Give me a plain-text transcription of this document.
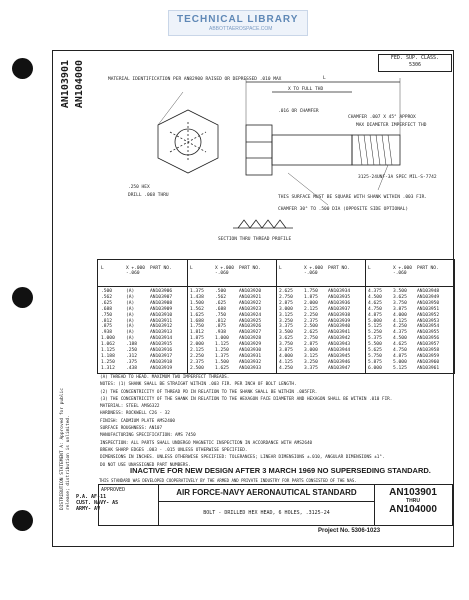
TECHNICAL LIBRARY
ABBOTTAEROSPACE.COM
AN103901 AN104000
DISTRIBUTION STATEMENT A: Approved for public release; distribution is unlimited. P.A. AF-11
CUST. NAVY- AS
ARMY- AV
FED. SUP. CLASS.
5306
MATERIAL IDENTIFICATION PER AN82900 RAISED OR DEPRESSED .010 MAX
X TO FULL THD
L
.016 OR CHAMFER
CHAMFER .007 X 45° APPROX
MAX DIAMETER IMPERFECT THD
.250 HEX
DRILL .068 THRU
3125-24UNF-3A SPEC MIL-S-7742
THIS SURFACE MUST BE SQUARE WITH SHANK WITHIN .003 FIR.
CHAMFER 30° TO .500 DIA (OPPOSITE SIDE OPTIONAL)
SECTION THRU THREAD PROFILE
L	X +.000 -.060
PART NO.	L	X +.000 -.060
PART NO.	L	X +.000 -.060
PART NO.	L	X +.000 -.060
PART NO.
.500	(A)	AN103906	1.375 .500	AN103920	2.625 1.750 AN103934	4.375 3.500 AN103948
.562	(A)	AN103907	1.438 .562	AN103921	2.750 1.875 AN103935	4.500 3.625 AN103949
.625	(A)	AN103908	1.500 .625	AN103922	2.875 2.000 AN103936	4.625 3.750 AN103950
.688	(A)	AN103909	1.562 .688	AN103923	3.000 2.125 AN103937	4.750 3.875 AN103951
.750	(A)	AN103910	1.625 .750	AN103924	3.125 2.250 AN103938	4.875 4.000 AN103952
.812	(A)	AN103911	1.688 .812	AN103925	3.250 2.375 AN103939	5.000 4.125 AN103953
.875	(A)	AN103912	1.750 .875	AN103926	3.375 2.500 AN103940	5.125 4.250 AN103954
.938	(A)	AN103913	1.812 .938	AN103927	3.500 2.625 AN103941	5.250 4.375 AN103955
1.000 (A)	AN103914	1.875 1.000 AN103928	3.625 2.750 AN103942	5.375 4.500 AN103956
1.062 .188	AN103915	2.000 1.125 AN103929	3.750 2.875 AN103943	5.500 4.625 AN103957
1.125 .250	AN103916	2.125 1.250 AN103930	3.875 3.000 AN103944	5.625 4.750 AN103958
1.188 .312	AN103917	2.250 1.375 AN103931	4.000 3.125 AN103945	5.750 4.875 AN103959
1.250 .375	AN103918	2.375 1.500 AN103932	4.125 3.250 AN103946	5.875 5.000 AN103960
1.312 .438	AN103919	2.500 1.625 AN103933	4.250 3.375 AN103947	6.000 5.125 AN103961
(A) THREAD TO HEAD. MAXIMUM TWO IMPERFECT THREADS.
NOTES: (1) SHANK SHALL BE STRAIGHT WITHIN .003 FIR. PER INCH OF BOLT LENGTH.
(2) THE CONCENTRICITY OF THREAD PD IN RELATION TO THE SHANK SHALL BE WITHIN .005FIR.
(3) THE CONCENTRICITY OF THE SHANK IN RELATION TO THE HEXAGON FACE DIAMETER AND HEXAGON SHALL BE WITHIN .010 FIR.
MATERIAL: STEEL AMS6322
HARDNESS: ROCKWELL C26 - 32
FINISH: CADMIUM PLATE AMS2400
SURFACE ROUGHNESS: AN107
MANUFACTURING SPECIFICATION: AMS 7450
INSPECTION: ALL PARTS SHALL UNDERGO MAGNETIC INSPECTION IN ACCORDANCE WITH AMS2640
BREAK SHARP EDGES .003 - .015 UNLESS OTHERWISE SPECIFIED.
DIMENSIONS IN INCHES. UNLESS OTHERWISE SPECIFIED: TOLERANCES; LINEAR DIMENSIONS ±.010, ANGULAR DIMENSIONS ±1°.
DO NOT USE UNASSIGNED PART NUMBERS.
INACTIVE FOR NEW DESIGN AFTER 3 MARCH 1969 NO SUPERSEDING STANDARD.
APPROVED	AIR FORCE-NAVY AERONAUTICAL STANDARD
BOLT - DRILLED HEX HEAD, 6 HOLES, .3125-24
AN103901
THRU
AN104000
THIS STANDARD WAS DEVELOPED COOPERATIVELY BY THE ARMED AND PRIVATE INDUSTRY FOR PARTS CONSISTED OF THE NAS.
Project No. 5306-1023
